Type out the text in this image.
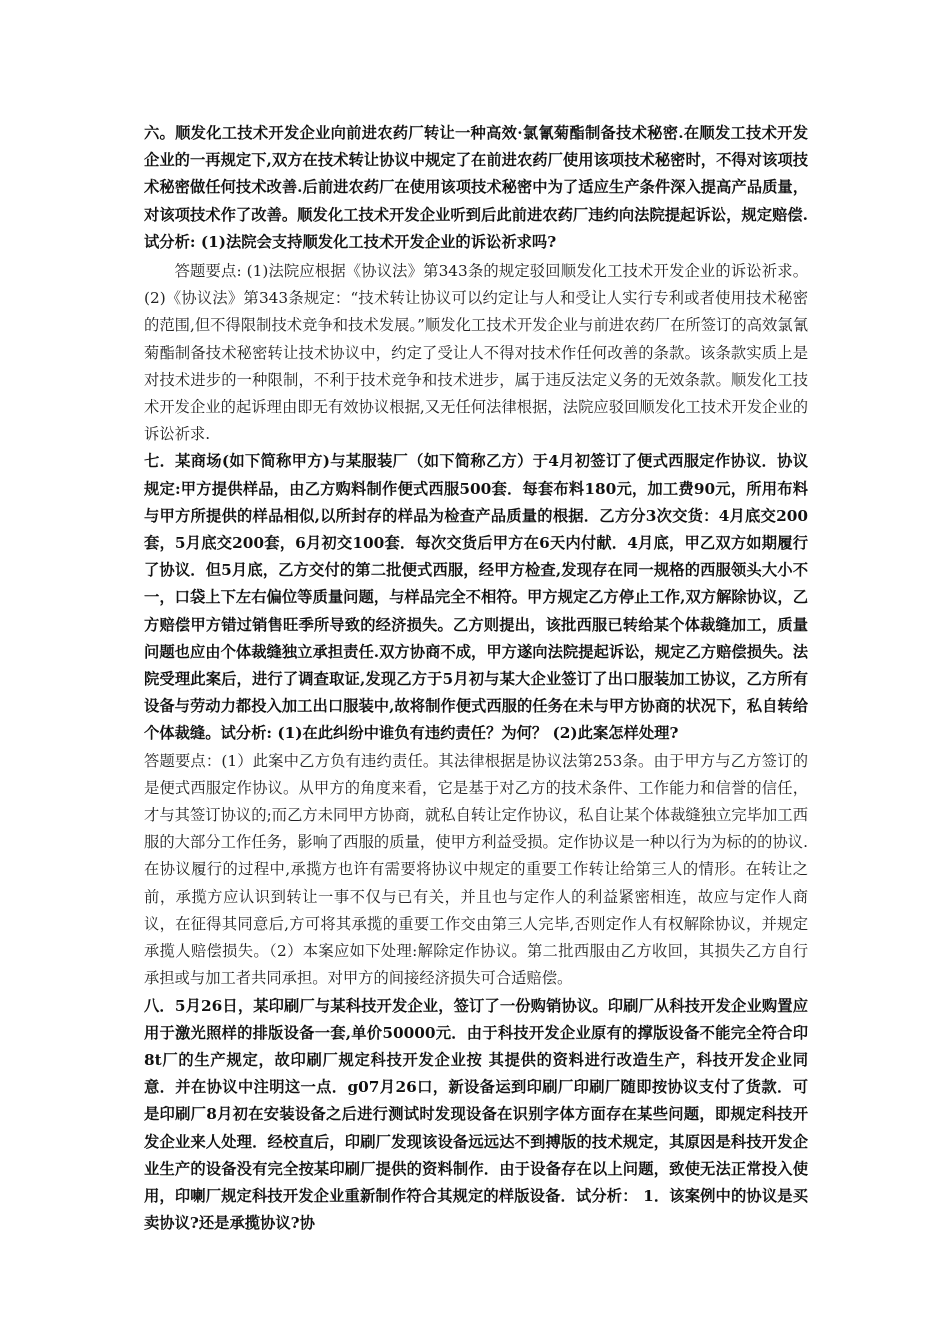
六。顺发化工技术开发企业向前进农药厂转让一种高效·氯氰菊酯制备技术秘密.在顺发工技术开发企业的一再规定下,双方在技术转让协议中规定了在前进农药厂使用该项技术秘密时，不得对该项技术秘密做任何技术改善.后前进农药厂在使用该项技术秘密中为了适应生产条件深入提高产品质量，对该项技术作了改善。顺发化工技术开发企业听到后此前进农药厂违约向法院提起诉讼，规定赔偿. 试分析: (1)法院会支持顺发化工技术开发企业的诉讼祈求吗?

答题要点: (1)法院应根据《协议法》第343条的规定驳回顺发化工技术开发企业的诉讼祈求。 (2)《协议法》第343条规定：“技术转让协议可以约定让与人和受让人实行专利或者使用技术秘密的范围,但不得限制技术竞争和技术发展。”顺发化工技术开发企业与前进农药厂在所签订的高效氯氰菊酯制备技术秘密转让技术协议中，约定了受让人不得对技术作任何改善的条款。该条款实质上是对技术进步的一种限制，不利于技术竞争和技术进步，属于违反法定义务的无效条款。顺发化工技术开发企业的起诉理由即无有效协议根据,又无任何法律根据，法院应驳回顺发化工技术开发企业的诉讼祈求.

七．某商场(如下简称甲方)与某服装厂（如下简称乙方）于4月初签订了便式西服定作协议．协议规定:甲方提供样品，由乙方购料制作便式西服500套．每套布料180元，加工费90元，所用布料与甲方所提供的样品相似,以所封存的样品为检查产品质量的根据．乙方分3次交货：4月底交200套，5月底交200套，6月初交100套．每次交货后甲方在6天内付献．4月底，甲乙双方如期履行了协议．但5月底，乙方交付的第二批便式西服，经甲方检查,发现存在同一规格的西服领头大小不一，口袋上下左右偏位等质量问题，与样品完全不相符。甲方规定乙方停止工作,双方解除协议，乙方赔偿甲方错过销售旺季所导致的经济损失。乙方则提出，该批西服已转给某个体裁缝加工，质量问题也应由个体裁缝独立承担责任.双方协商不成，甲方遂向法院提起诉讼，规定乙方赔偿损失。法院受理此案后，进行了调查取证,发现乙方于5月初与某大企业签订了出口服装加工协议，乙方所有设备与劳动力都投入加工出口服装中,故将制作便式西服的任务在未与甲方协商的状况下，私自转给个体裁缝。试分析: (1)在此纠纷中谁负有违约责任？为何？ (2)此案怎样处理?

答题要点：(1）此案中乙方负有违约责任。其法律根据是协议法第253条。由于甲方与乙方签订的是便式西服定作协议。从甲方的角度来看，它是基于对乙方的技术条件、工作能力和信誉的信任，才与其签订协议的;而乙方未同甲方协商，就私自转让定作协议，私自让某个体裁缝独立完毕加工西服的大部分工作任务，影响了西服的质量，使甲方利益受损。定作协议是一种以行为为标的的协议.在协议履行的过程中,承揽方也许有需要将协议中规定的重要工作转让给第三人的情形。在转让之前，承揽方应认识到转让一事不仅与已有关，并且也与定作人的利益紧密相连，故应与定作人商议，在征得其同意后,方可将其承揽的重要工作交由第三人完毕,否则定作人有权解除协议，并规定承揽人赔偿损失。（2）本案应如下处理:解除定作协议。第二批西服由乙方收回，其损失乙方自行承担或与加工者共同承担。对甲方的间接经济损失可合适赔偿。

八．5月26日，某印刷厂与某科技开发企业，签订了一份购销协议。印刷厂从科技开发企业购置应用于激光照样的排版设备一套,单价50000元．由于科技开发企业原有的撑版设备不能完全符合印8t厂的生产规定，故印刷厂规定科技开发企业按 其提供的资料进行改造生产，科技开发企业同意．并在协议中注明这一点．g07月26口，新设备运到印刷厂印刷厂随即按协议支付了货款．可是印刷厂8月初在安装设备之后进行测试时发现设备在识别字体方面存在某些问题，即规定科技开发企业来人处理．经校直后，印刷厂发现该设备远远达不到搏版的技术规定，其原因是科技开发企业生产的设备没有完全按某印刷厂提供的资料制作．由于设备存在以上问题，致使无法正常投入使用，印喇厂规定科技开发企业重新制作符合其规定的样版设备．试分析： 1．该案例中的协议是买卖协议?还是承揽协议?协
